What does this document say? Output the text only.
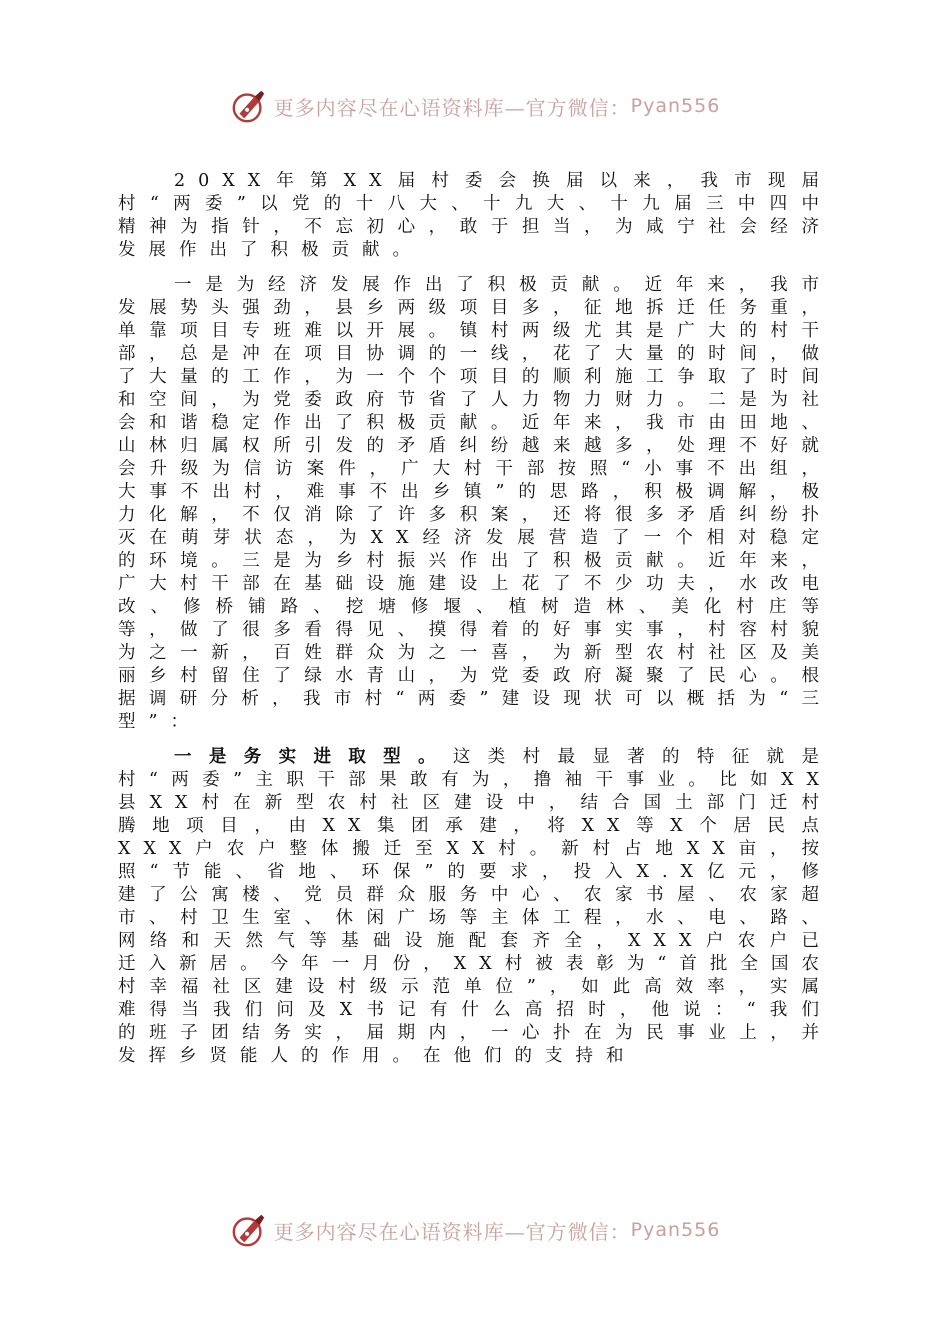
更多内容尽在心语资料库—官方微信： Pyan556

20XX年第XX届村委会换届以来，我市现届村“两委”以党的十八大、十九大、十九届三中四中精神为指针，不忘初心，敢于担当，为咸宁社会经济发展作出了积极贡献。

一是为经济发展作出了积极贡献。近年来，我市发展势头强劲，县乡两级项目多，征地拆迁任务重，单靠项目专班难以开展。镇村两级尤其是广大的村干部，总是冲在项目协调的一线，花了大量的时间，做了大量的工作，为一个个项目的顺利施工争取了时间和空间，为党委政府节省了人力物力财力。二是为社会和谐稳定作出了积极贡献。近年来，我市由田地、山林归属权所引发的矛盾纠纷越来越多，处理不好就会升级为信访案件，广大村干部按照“小事不出组，大事不出村，难事不出乡镇”的思路，积极调解，极力化解，不仅消除了许多积案，还将很多矛盾纠纷扑灭在萌芽状态，为XX经济发展营造了一个相对稳定的环境。三是为乡村振兴作出了积极贡献。近年来，广大村干部在基础设施建设上花了不少功夫，水改电改、修桥铺路、挖塘修堰、植树造林、美化村庄等等，做了很多看得见、摸得着的好事实事，村容村貌为之一新，百姓群众为之一喜，为新型农村社区及美丽乡村留住了绿水青山，为党委政府凝聚了民心。根据调研分析，我市村“两委”建设现状可以概括为“三型”：

一是务实进取型。这类村最显著的特征就是村“两委”主职干部果敢有为，撸袖干事业。比如XX县XX村在新型农村社区建设中，结合国土部门迁村腾地项目，由XX集团承建，将XX等X个居民点XXX户农户整体搬迁至XX村。新村占地XX亩，按照“节能、省地、环保”的要求，投入X.X亿元，修建了公寓楼、党员群众服务中心、农家书屋、农家超市、村卫生室、休闲广场等主体工程，水、电、路、网络和天然气等基础设施配套齐全，XXX户农户已迁入新居。今年一月份，XX村被表彰为“首批全国农村幸福社区建设村级示范单位”，如此高效率，实属难得当我们问及X书记有什么高招时，他说：“我们的班子团结务实，届期内，一心扑在为民事业上，并发挥乡贤能人的作用。在他们的支持和

更多内容尽在心语资料库—官方微信： Pyan556
